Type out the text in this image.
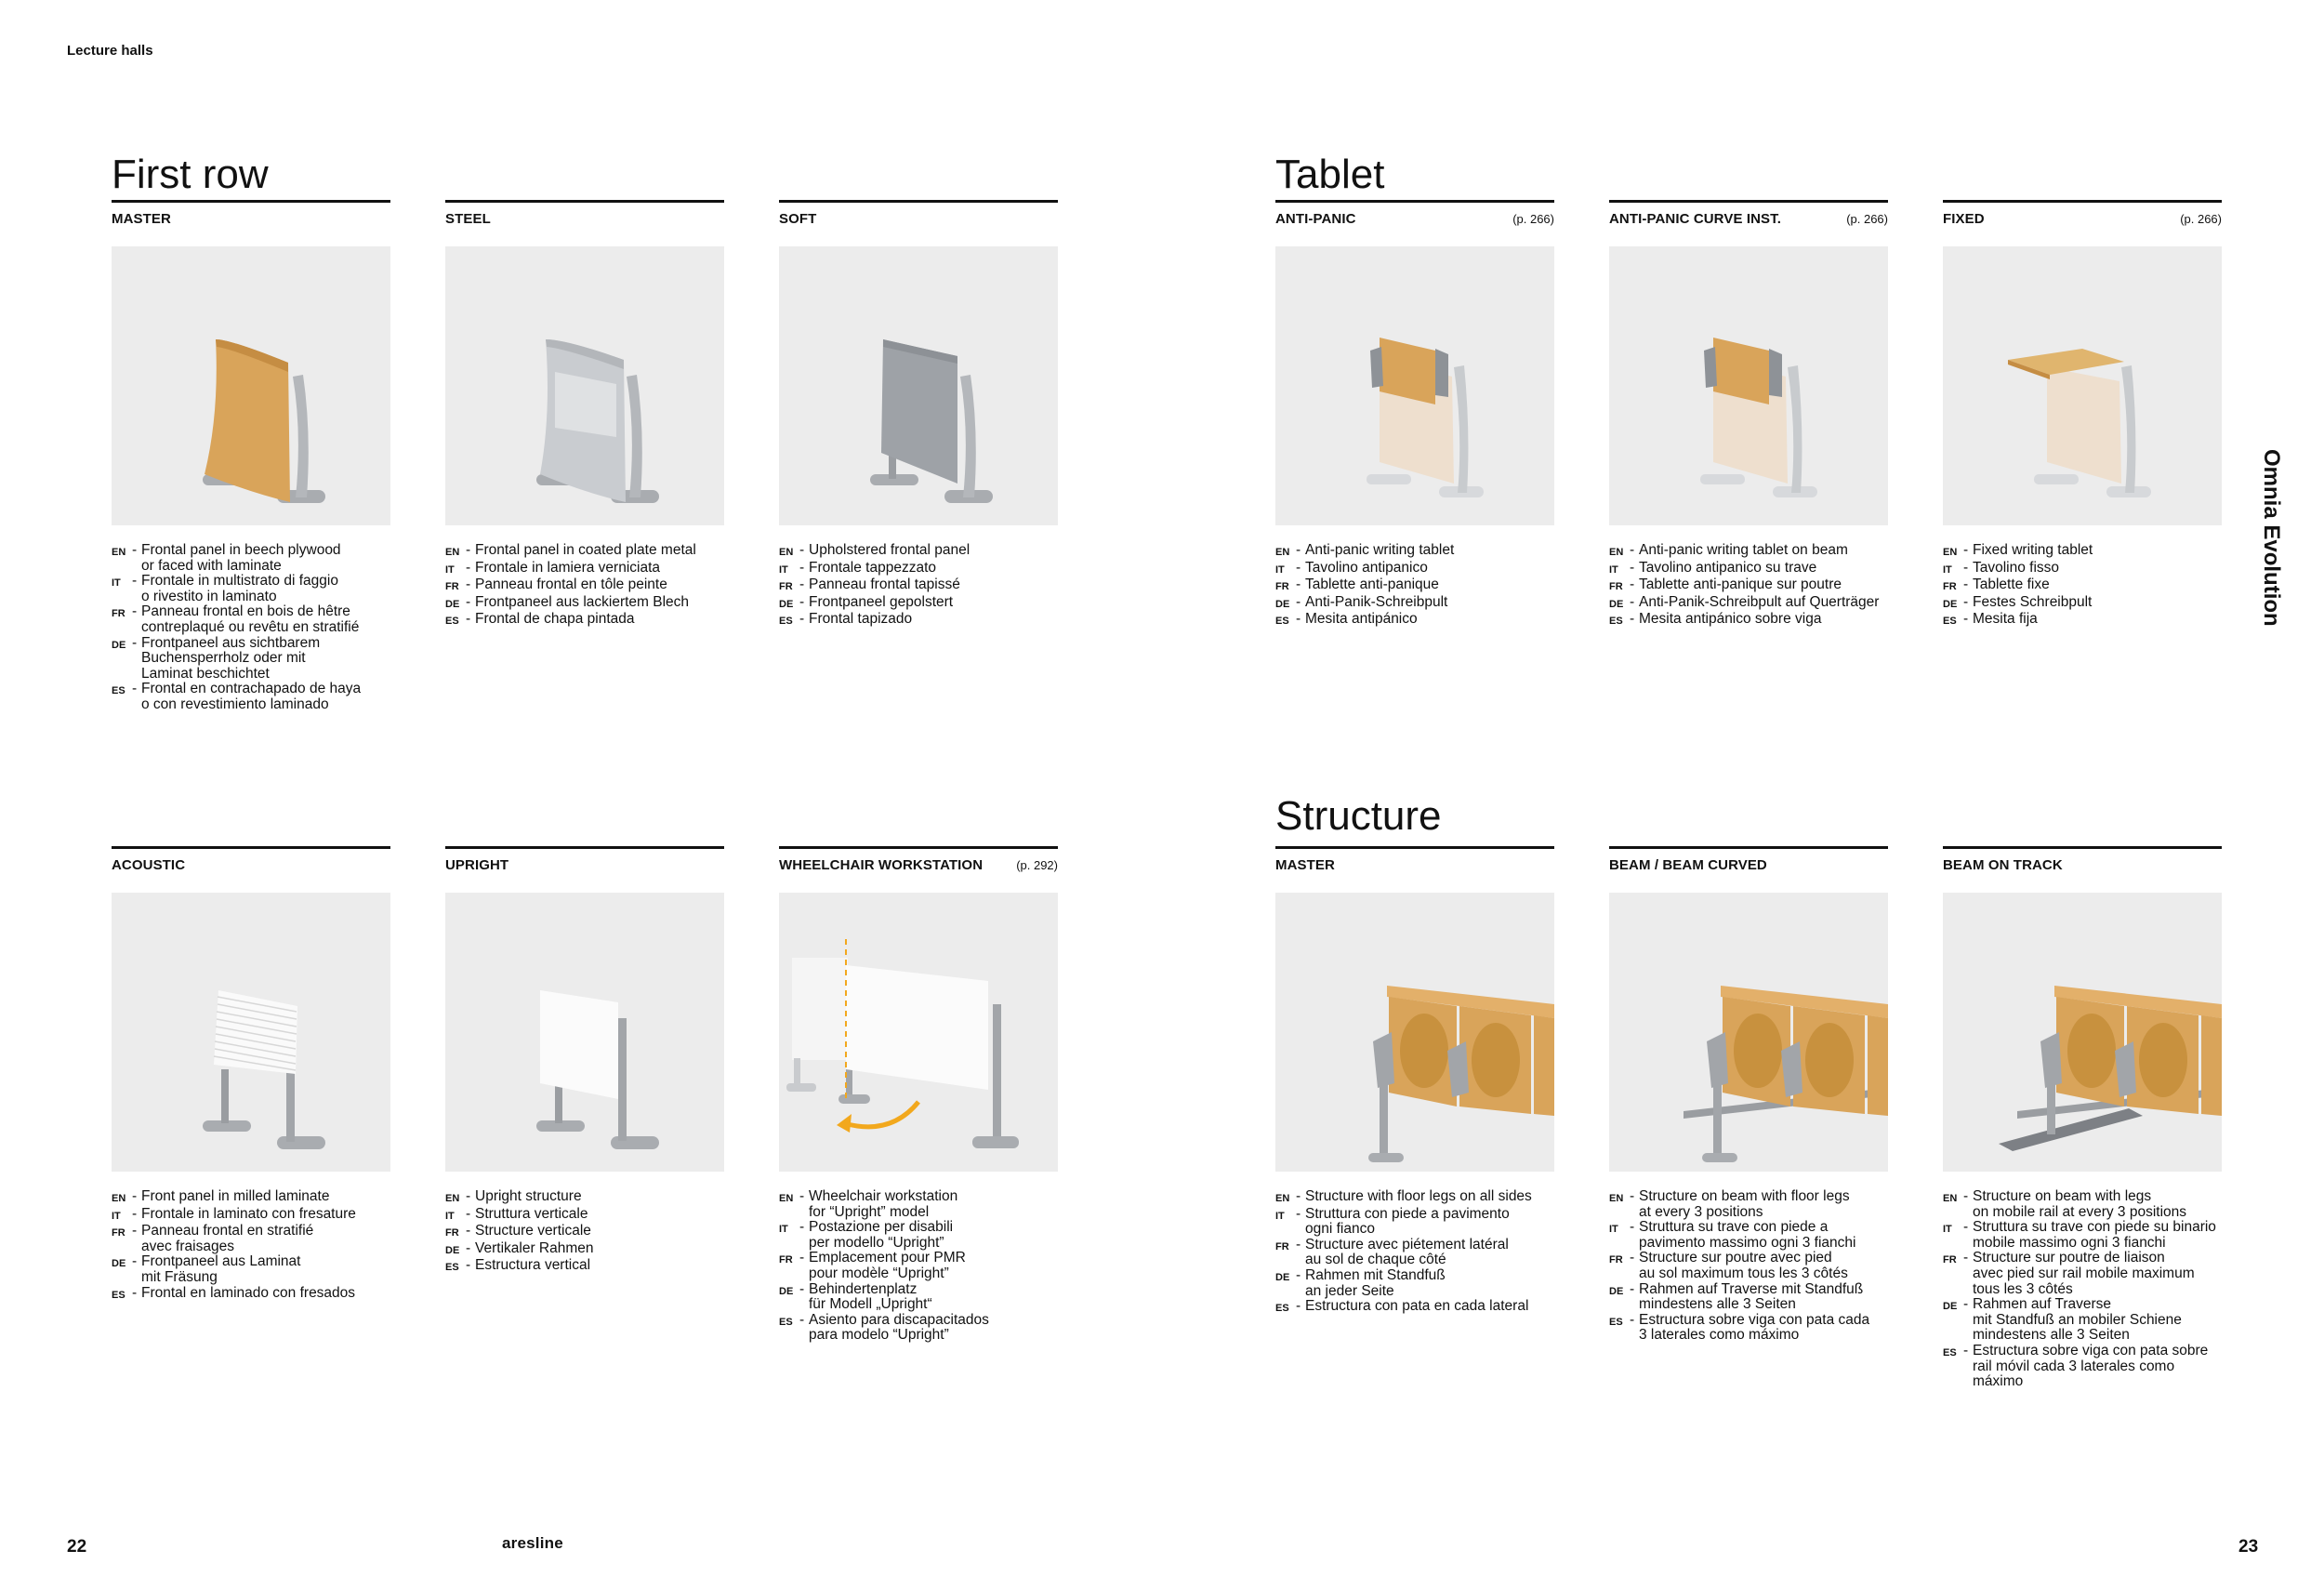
Lecture halls
Omnia Evolution
22	23
aresline
First row	Tablet
Structure
MASTER
EN - Frontal panel in beech plywood
or faced with laminate
IT - Frontale in multistrato di faggio
o rivestito in laminato
FR - Panneau frontal en bois de hêtre
contreplaqué ou revêtu en stratifié
DE - Frontpaneel aus sichtbarem
Buchensperrholz oder mit
Laminat beschichtet
ES - Frontal en contrachapado de haya
o con revestimiento laminado
STEEL
EN - Frontal panel in coated plate metal
IT - Frontale in lamiera verniciata
FR - Panneau frontal en tôle peinte
DE - Frontpaneel aus lackiertem Blech
ES - Frontal de chapa pintada
SOFT
EN - Upholstered frontal panel
IT - Frontale tappezzato
FR - Panneau frontal tapissé
DE - Frontpaneel gepolstert
ES - Frontal tapizado
ANTI-PANIC	(p. 266)
EN - Anti-panic writing tablet
IT - Tavolino antipanico
FR - Tablette anti-panique
DE - Anti-Panik-Schreibpult
ES - Mesita antipánico
ANTI-PANIC CURVE INST.	(p. 266)
EN - Anti-panic writing tablet on beam
IT - Tavolino antipanico su trave
FR - Tablette anti-panique sur poutre
DE - Anti-Panik-Schreibpult auf Querträger
ES - Mesita antipánico sobre viga
FIXED	(p. 266)
EN - Fixed writing tablet
IT - Tavolino fisso
FR - Tablette fixe
DE - Festes Schreibpult
ES - Mesita fija
ACOUSTIC
EN - Front panel in milled laminate
IT - Frontale in laminato con fresature
FR - Panneau frontal en stratifié
avec fraisages
DE - Frontpaneel aus Laminat
mit Fräsung
ES - Frontal en laminado con fresados
UPRIGHT
EN - Upright structure
IT - Struttura verticale
FR - Structure verticale
DE - Vertikaler Rahmen
ES - Estructura vertical
WHEELCHAIR WORKSTATION	(p. 292)
EN - Wheelchair workstation
for “Upright” model
IT - Postazione per disabili
per modello “Upright”
FR - Emplacement pour PMR
pour modèle “Upright”
DE - Behindertenplatz
für Modell „Upright“
ES - Asiento para discapacitados
para modelo “Upright”
MASTER
EN - Structure with floor legs on all sides
IT - Struttura con piede a pavimento
ogni fianco
FR - Structure avec piétement latéral
au sol de chaque côté
DE - Rahmen mit Standfuß
an jeder Seite
ES - Estructura con pata en cada lateral
BEAM / BEAM CURVED
EN - Structure on beam with floor legs
at every 3 positions
IT - Struttura su trave con piede a
pavimento massimo ogni 3 fianchi
FR - Structure sur poutre avec pied
au sol maximum tous les 3 côtés
DE - Rahmen auf Traverse mit Standfuß
mindestens alle 3 Seiten
ES - Estructura sobre viga con pata cada
3 laterales como máximo
BEAM ON TRACK
EN - Structure on beam with legs
on mobile rail at every 3 positions
IT - Struttura su trave con piede su binario
mobile massimo ogni 3 fianchi
FR - Structure sur poutre de liaison
avec pied sur rail mobile maximum
tous les 3 côtés
DE - Rahmen auf Traverse
mit Standfuß an mobiler Schiene
mindestens alle 3 Seiten
ES - Estructura sobre viga con pata sobre
rail móvil cada 3 laterales como
máximo
